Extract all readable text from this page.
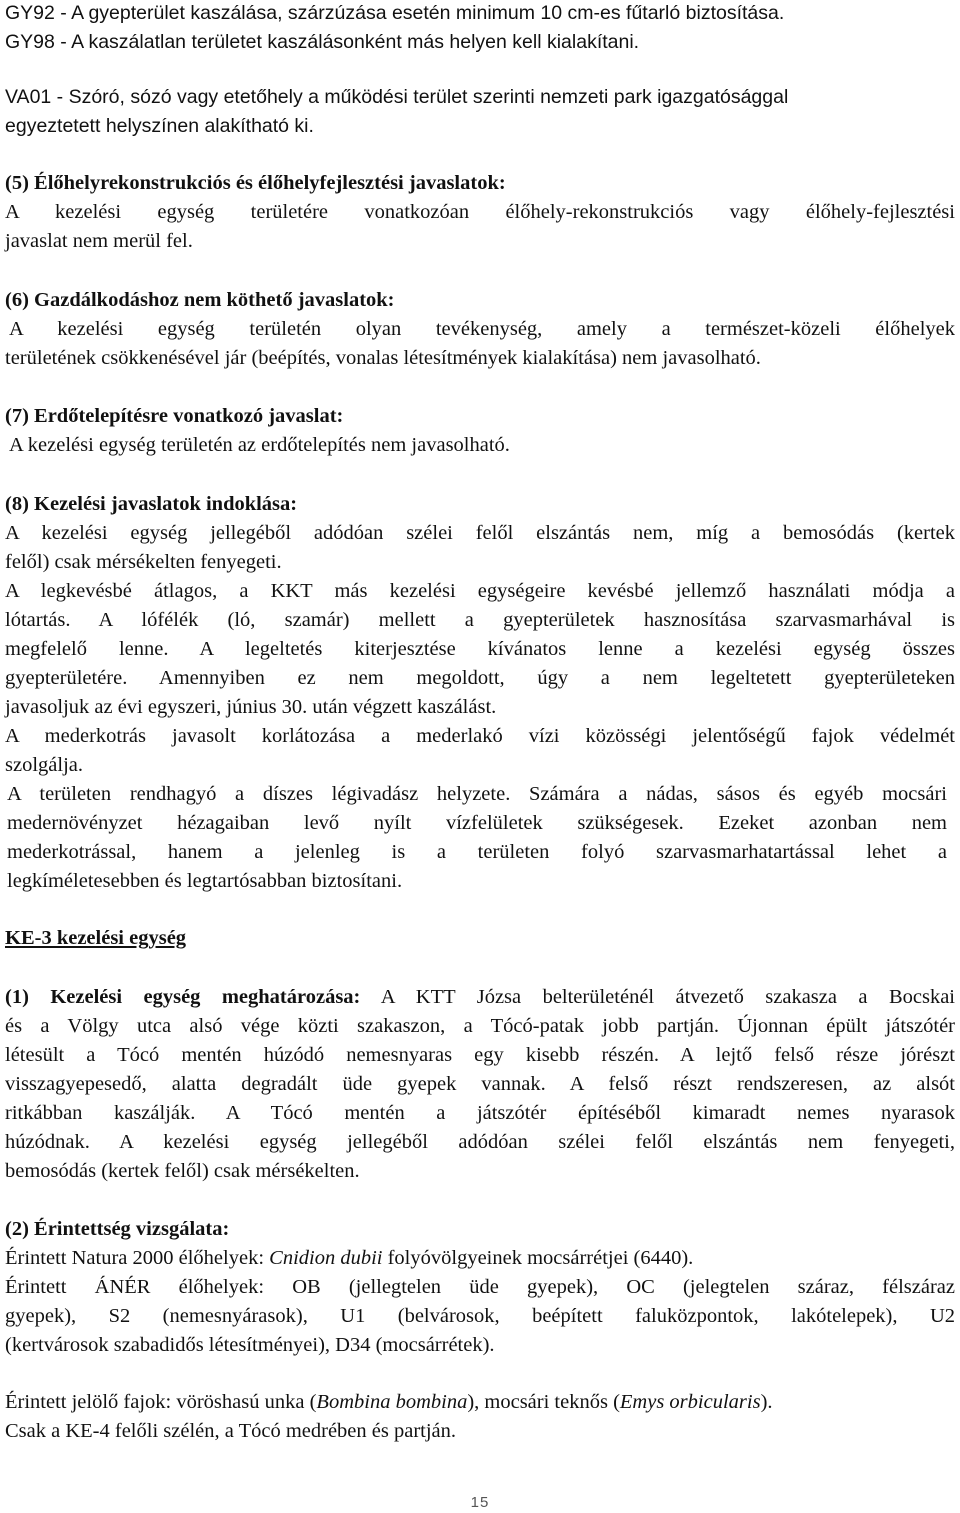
GY92 - A gyepterület kaszálása, szárzúzása esetén minimum 10 cm-es fűtarló biztosítása.
GY98 - A kaszálatlan területet kaszálásonként más helyen kell kialakítani.
VA01 - Szóró, sózó vagy etetőhely a működési terület szerinti nemzeti park igazgatósággal
egyeztetett helyszínen alakítható ki.
(5) Élőhelyrekonstrukciós és élőhelyfejlesztési javaslatok:
A kezelési egység területére vonatkozóan élőhely-rekonstrukciós vagy élőhely-fejlesztési
javaslat nem merül fel.
(6) Gazdálkodáshoz nem köthető javaslatok:
A kezelési egység területén olyan tevékenység, amely a természet-közeli élőhelyek
területének csökkenésével jár (beépítés, vonalas létesítmények kialakítása) nem javasolható.
(7) Erdőtelepítésre vonatkozó javaslat:
A kezelési egység területén az erdőtelepítés nem javasolható.
(8) Kezelési javaslatok indoklása:
A kezelési egység jellegéből adódóan szélei felől elszántás nem, míg a bemosódás (kertek
felől) csak mérsékelten fenyegeti.
A legkevésbé átlagos, a KKT más kezelési egységeire kevésbé jellemző használati módja a
lótartás. A lófélék (ló, szamár) mellett a gyepterületek hasznosítása szarvasmarhával is
megfelelő lenne. A legeltetés kiterjesztése kívánatos lenne a kezelési egység összes
gyepterületére. Amennyiben ez nem megoldott, úgy a nem legeltetett gyepterületeken
javasoljuk az évi egyszeri, június 30. után végzett kaszálást.
A mederkotrás javasolt korlátozása a mederlakó vízi közösségi jelentőségű fajok védelmét
szolgálja.
A területen rendhagyó a díszes légivadász helyzete. Számára a nádas, sásos és egyéb mocsári
medernövényzet hézagaiban levő nyílt vízfelületek szükségesek. Ezeket azonban nem
mederkotrással, hanem a jelenleg is a területen folyó szarvasmarhatartással lehet a
legkíméletesebben és legtartósabban biztosítani.
KE-3 kezelési egység
(1) Kezelési egység meghatározása: A KTT Józsa belterületénél átvezető szakasza a Bocskai
és a Völgy utca alsó vége közti szakaszon, a Tócó-patak jobb partján. Újonnan épült játszótér
létesült a Tócó mentén húzódó nemesnyaras egy kisebb részén. A lejtő felső része jórészt
visszagyepesedő, alatta degradált üde gyepek vannak. A felső részt rendszeresen, az alsót
ritkábban kaszálják. A Tócó mentén a játszótér építéséből kimaradt nemes nyarasok
húzódnak. A kezelési egység jellegéből adódóan szélei felől elszántás nem fenyegeti,
bemosódás (kertek felől) csak mérsékelten.
(2) Érintettség vizsgálata:
Érintett Natura 2000 élőhelyek: Cnidion dubii folyóvölgyeinek mocsárrétjei (6440).
Érintett ÁNÉR élőhelyek: OB (jellegtelen üde gyepek), OC (jelegtelen száraz, félszáraz
gyepek), S2 (nemesnyárasok), U1 (belvárosok, beépített faluközpontok, lakótelepek), U2
(kertvárosok szabadidős létesítményei), D34 (mocsárrétek).
Érintett jelölő fajok: vöröshasú unka (Bombina bombina), mocsári teknős (Emys orbicularis).
Csak a KE-4 felőli szélén, a Tócó medrében és partján.
15
